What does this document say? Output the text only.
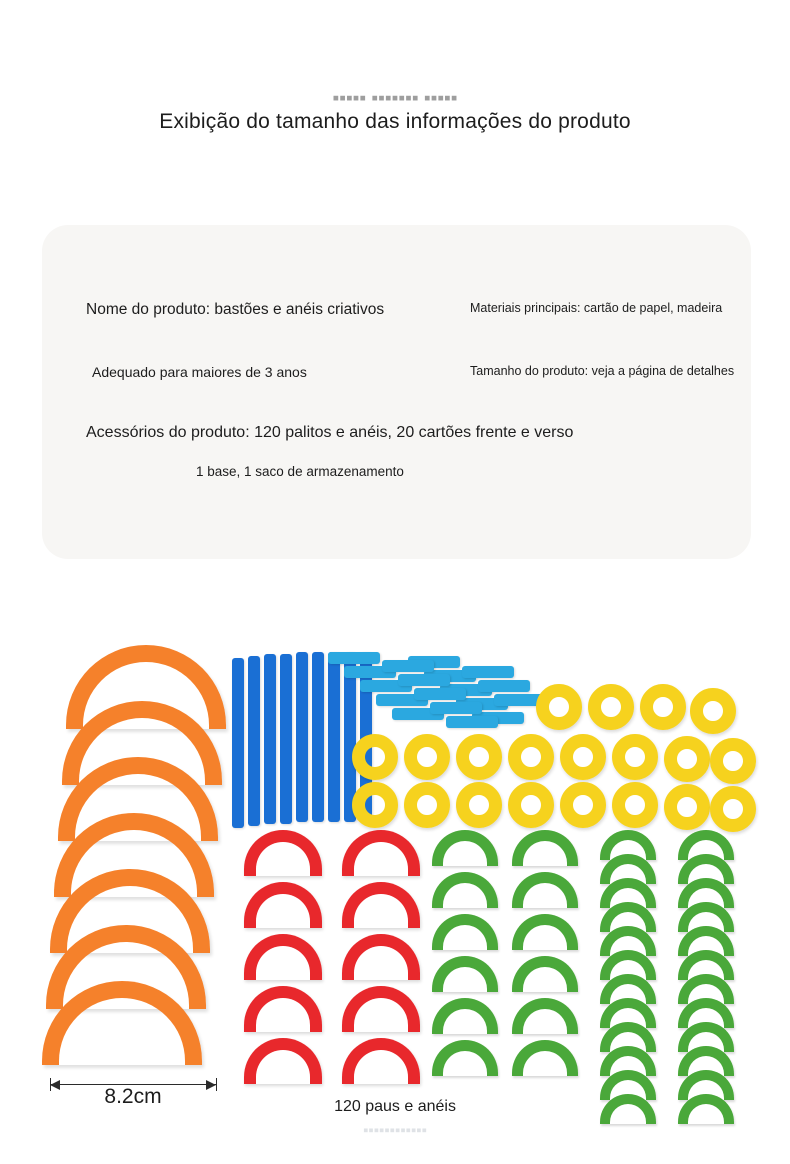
▪▪▪▪▪ ▪▪▪▪▪▪▪ ▪▪▪▪▪
Exibição do tamanho das informações do produto
Nome do produto: bastões e anéis criativos	Materiais principais: cartão de papel, madeira
Adequado para maiores de 3 anos	Tamanho do produto: veja a página de detalhes
Acessórios do produto: 120 palitos e anéis, 20 cartões frente e verso
1 base, 1 saco de armazenamento
8.2cm	120 paus e anéis
▪▪▪▪▪▪▪▪▪▪▪▪
